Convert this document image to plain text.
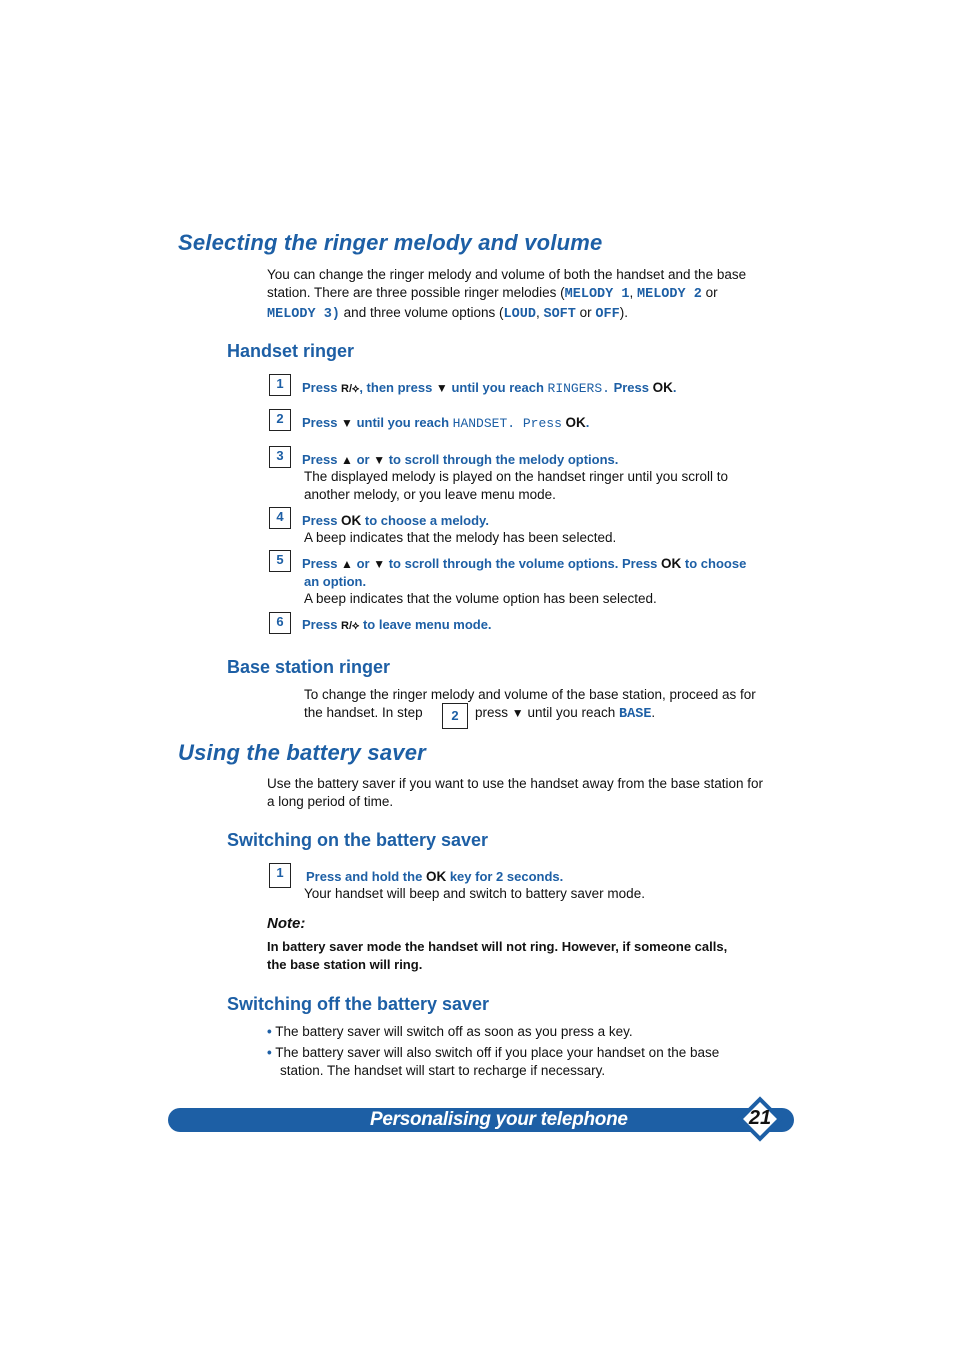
Selecting the ringer melody and volume
You can change the ringer melody and volume of both the handset and the base
station. There are three possible ringer melodies (MELODY 1, MELODY 2 or
MELODY 3) and three volume options (LOUD, SOFT or OFF).
Handset ringer
1	Press R/⟡, then press ▼ until you reach RINGERS. Press OK.
2	Press ▼ until you reach HANDSET. Press OK.
3	Press ▲ or ▼ to scroll through the melody options.
The displayed melody is played on the handset ringer until you scroll to
another melody, or you leave menu mode.
4	Press OK to choose a melody.
A beep indicates that the melody has been selected.
5	Press ▲ or ▼ to scroll through the volume options. Press OK to choose
an option.
A beep indicates that the volume option has been selected.
6	Press R/⟡ to leave menu mode.
Base station ringer
To change the ringer melody and volume of the base station, proceed as for
the handset. In step	2	press ▼ until you reach BASE.
Using the battery saver
Use the battery saver if you want to use the handset away from the base station for
a long period of time.
Switching on the battery saver
1	Press and hold the OK key for 2 seconds.
Your handset will beep and switch to battery saver mode.
Note:
In battery saver mode the handset will not ring. However, if someone calls,
the base station will ring.
Switching off the battery saver
• The battery saver will switch off as soon as you press a key.
• The battery saver will also switch off if you place your handset on the base
station. The handset will start to recharge if necessary.
Personalising your telephone	21
